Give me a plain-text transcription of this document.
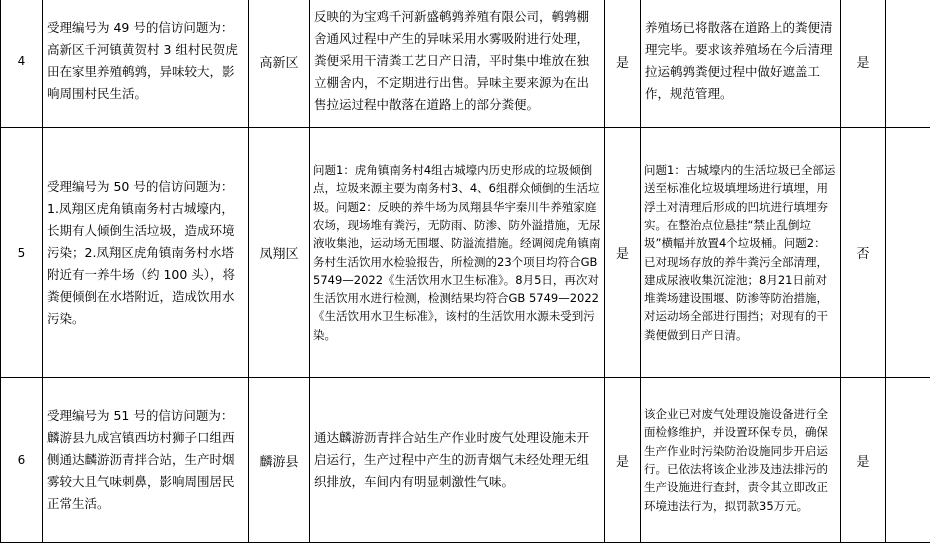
4	受理编号为 49 号的信访问题为：高新区千河镇黄贺村 3 组村民贺虎田在家里养殖鹌鹑，异味较大，影响周围村民生活。	高新区	反映的为宝鸡千河新盛鹌鹑养殖有限公司，鹌鹑棚舍通风过程中产生的异味采用水雾吸附进行处理，粪便采用干清粪工艺日产日清，平时集中堆放在独立棚舍内，不定期进行出售。异味主要来源为在出售拉运过程中散落在道路上的部分粪便。	是	养殖场已将散落在道路上的粪便清理完毕。要求该养殖场在今后清理拉运鹌鹑粪便过程中做好遮盖工作，规范管理。	是	
5	受理编号为 50 号的信访问题为：1.凤翔区虎角镇南务村古城壕内，长期有人倾倒生活垃圾，造成环境污染；2.凤翔区虎角镇南务村水塔附近有一养牛场（约 100 头），将粪便倾倒在水塔附近，造成饮用水污染。	凤翔区	问题1：虎角镇南务村4组古城壕内历史形成的垃圾倾倒点，垃圾来源主要为南务村3、4、6组群众倾倒的生活垃圾。问题2：反映的养牛场为凤翔县华宇秦川牛养殖家庭农场，现场堆有粪污，无防雨、防渗、防外溢措施，无尿液收集池，运动场无围堰、防溢流措施。经调阅虎角镇南务村生活饮用水检验报告，所检测的23个项目均符合GB 5749—2022《生活饮用水卫生标准》。8月5日，再次对生活饮用水进行检测，检测结果均符合GB 5749—2022《生活饮用水卫生标准》，该村的生活饮用水源未受到污染。	是	问题1：古城壕内的生活垃圾已全部运送至标准化垃圾填埋场进行填埋，用浮土对清理后形成的凹坑进行填埋夯实。在整治点位悬挂“禁止乱倒垃圾”横幅并放置4个垃圾桶。问题2：已对现场存放的养牛粪污全部清理，建成尿液收集沉淀池；8月21日前对堆粪场建设围堰、防渗等防治措施，对运动场全部进行围挡；对现有的干粪便做到日产日清。	否	
6	受理编号为 51 号的信访问题为：麟游县九成宫镇西坊村狮子口组西侧通达麟游沥青拌合站，生产时烟雾较大且气味刺鼻，影响周围居民正常生活。	麟游县	通达麟游沥青拌合站生产作业时废气处理设施未开启运行，生产过程中产生的沥青烟气未经处理无组织排放，车间内有明显刺激性气味。	是	该企业已对废气处理设施设备进行全面检修维护，并设置环保专员，确保生产作业时污染防治设施同步开启运行。已依法将该企业涉及违法排污的生产设施进行查封，责令其立即改正环境违法行为，拟罚款35万元。	是	
